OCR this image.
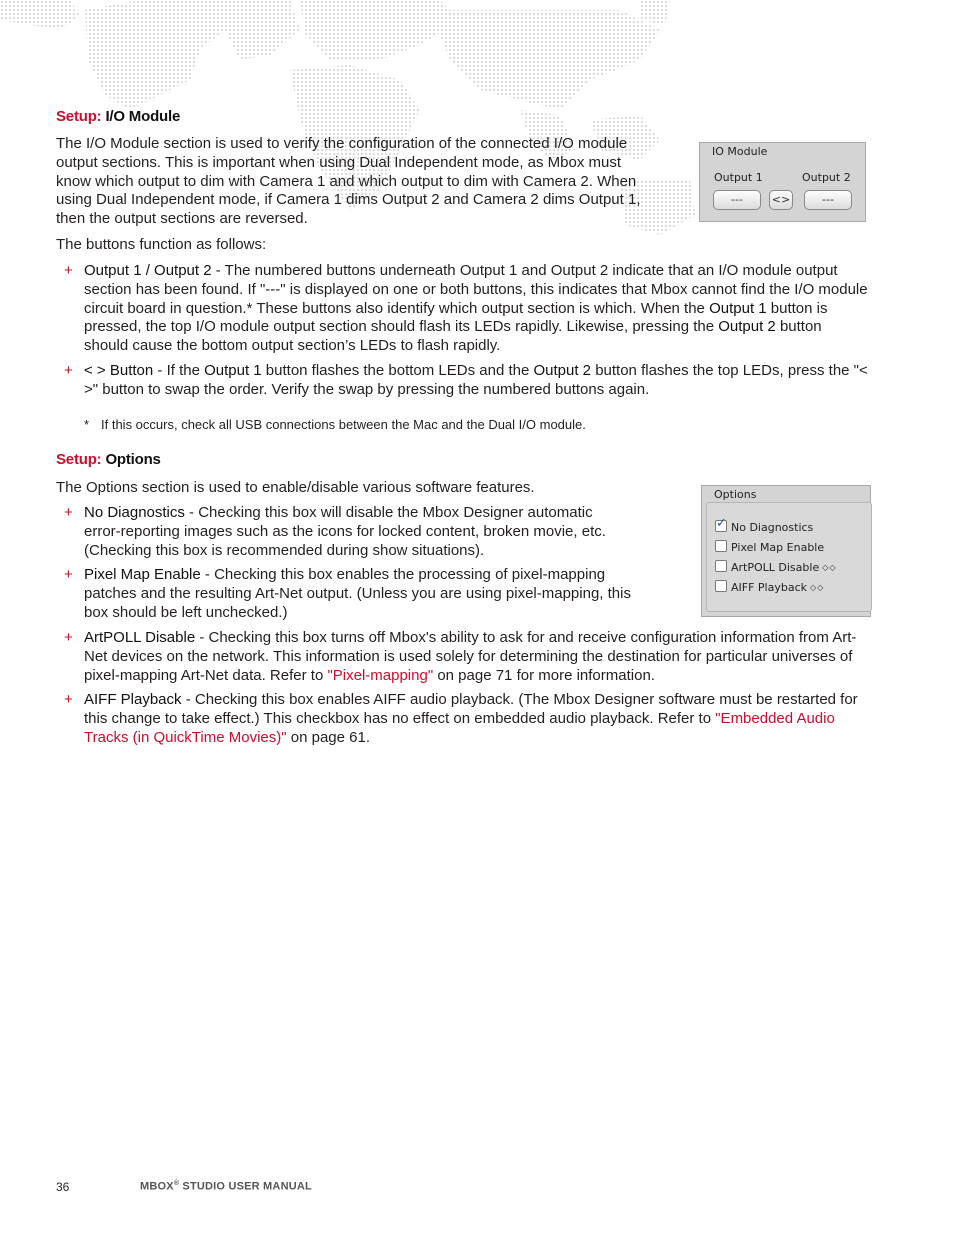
Setup: I/O Module

The I/O Module section is used to verify the configuration of the connected I/O module

output sections. This is important when using Dual Independent mode, as Mbox must

know which output to dim with Camera 1 and which output to dim with Camera 2. When

using Dual Independent mode, if Camera 1 dims Output 2 and Camera 2 dims Output 1,

then the output sections are reversed.

The buttons function as follows:
IO Module
Output 1	Output 2
---	<>	---
+ Output 1 / Output 2 - The numbered buttons underneath Output 1 and Output 2 indicate that an I/O module output section has been found. If "---" is displayed on one or both buttons, this indicates that Mbox cannot find the I/O module circuit board in question.* These buttons also identify which output section is which. When the Output 1 button is pressed, the top I/O module output section should flash its LEDs rapidly. Likewise, pressing the Output 2 button should cause the bottom output section’s LEDs to flash rapidly.
+ < > Button - If the Output 1 button flashes the bottom LEDs and the Output 2 button flashes the top LEDs, press the "< >" button to swap the order. Verify the swap by pressing the numbered buttons again.
* If this occurs, check all USB connections between the Mac and the Dual I/O module.
Setup: Options
The Options section is used to enable/disable various software features.	Options
✓ No Diagnostics
Pixel Map Enable
ArtPOLL Disable ◇◇
AIFF Playback ◇◇
+ No Diagnostics - Checking this box will disable the Mbox Designer automatic
error-reporting images such as the icons for locked content, broken movie, etc.
(Checking this box is recommended during show situations).
+ Pixel Map Enable - Checking this box enables the processing of pixel-mapping
patches and the resulting Art-Net output. (Unless you are using pixel-mapping, this
box should be left unchecked.)
+ ArtPOLL Disable - Checking this box turns off Mbox's ability to ask for and receive configuration information from Art-Net devices on the network. This information is used solely for determining the destination for particular universes of pixel-mapping Art-Net data. Refer to "Pixel-mapping" on page 71 for more information.
+ AIFF Playback - Checking this box enables AIFF audio playback. (The Mbox Designer software must be restarted for this change to take effect.) This checkbox has no effect on embedded audio playback. Refer to "Embedded Audio Tracks (in QuickTime Movies)" on page 61.
36	MBOX® STUDIO USER MANUAL
